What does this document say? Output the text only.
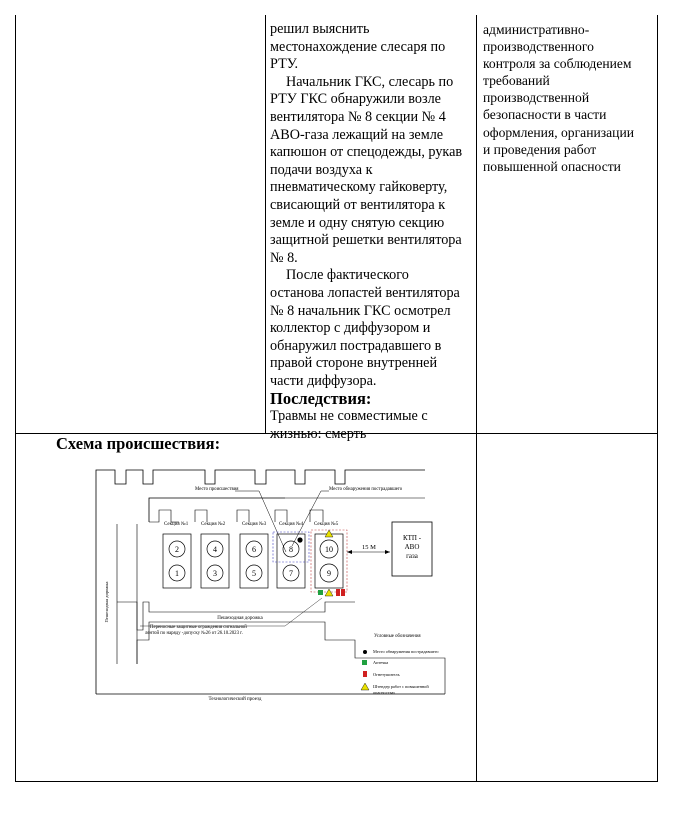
решил выяснить

местонахождение слесаря по

РТУ.

Начальник ГКС, слесарь по

РТУ ГКС обнаружили возле

вентилятора № 8 секции № 4

АВО-газа лежащий на земле

капюшон от спецодежды, рукав

подачи воздуха к

пневматическому гайковерту,

свисающий от вентилятора к

земле и одну снятую секцию

защитной решетки вентилятора

№ 8.

После фактического

останова лопастей вентилятора

№ 8 начальник ГКС осмотрел

коллектор с диффузором и

обнаружил пострадавшего в

правой стороне внутренней

части диффузора.

Последствия:

Травмы не совместимые с

жизнью: смерть

административно-

производственного

контроля за соблюдением

требований

производственной

безопасности в части

оформления, организации

и проведения работ

повышенной опасности

Схема происшествия:
Пешеходная дорожка	Пешеходная дорожка
Место происшествия	Место обнаружения пострадавшего
Секция №1	Секция №2	Секция №3	Секция №4 Секция №5
2	4	6	8	10
1	3	5	7	9
15 М
КТП -
АВО
газа
Переносные защитные ограждения сигнальной
лентой по наряду -допуску №26 от 26.10.2023 г.
Технологический проезд
Условные обозначения
Место обнаружения пострадавшего
Аптечка
Огнетушитель
Штендер работ с повышенной
опасностью
